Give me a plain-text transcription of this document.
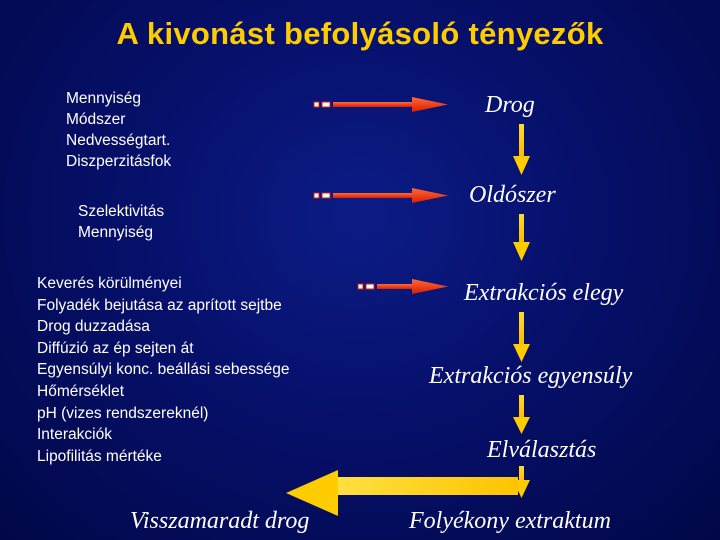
A kivonást befolyásoló tényezők
Mennyiség
Módszer
Nedvességtart.
Diszperzitásfok
Szelektivitás
Mennyiség
Keverés körülményei
Folyadék bejutása az aprított sejtbe
Drog duzzadása
Diffúzió az ép sejten át
Egyensúlyi konc. beállási sebessége
Hőmérséklet
pH (vizes rendszereknél)
Interakciók
Lipofilitás mértéke
Drog
Oldószer
Extrakciós elegy
Extrakciós egyensúly
Elválasztás
Visszamaradt drog	Folyékony extraktum
